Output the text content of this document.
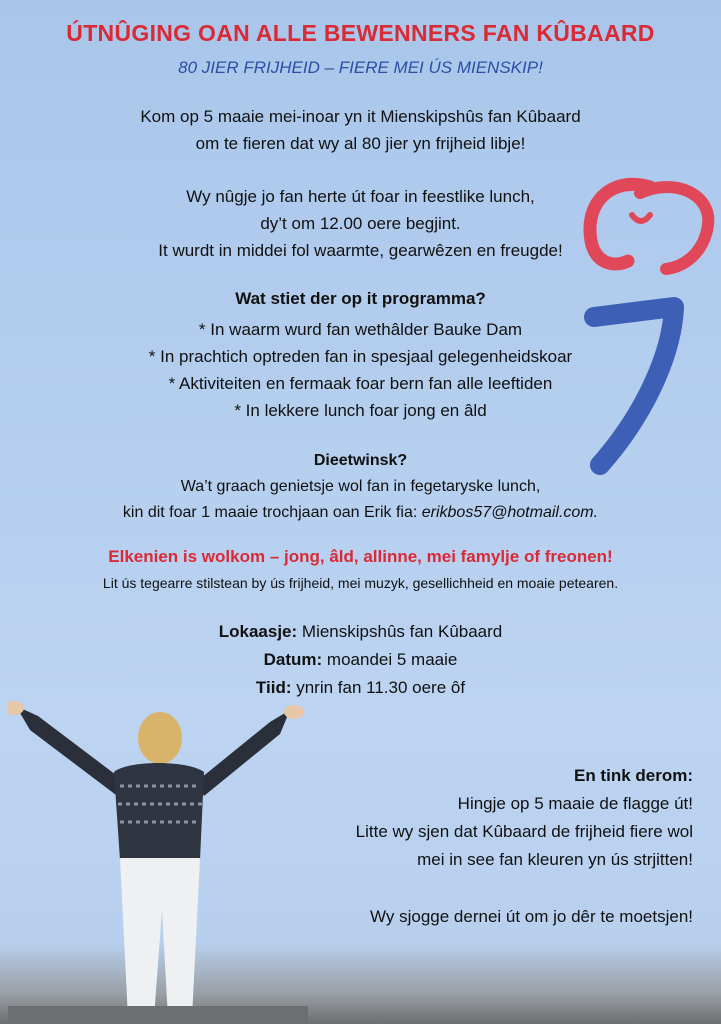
ÚTNÛGING OAN ALLE BEWENNERS FAN KÛBAARD
80 JIER FRIJHEID – FIERE MEI ÚS MIENSKIP!
Kom op 5 maaie mei-inoar yn it Mienskipshûs fan Kûbaard
om te fieren dat wy al 80 jier yn frijheid libje!
Wy nûgje jo fan herte út foar in feestlike lunch,
dy’t om 12.00 oere begjint.
It wurdt in middei fol waarmte, gearwêzen en freugde!
Wat stiet der op it programma?
* In waarm wurd fan wethâlder Bauke Dam
* In prachtich optreden fan in spesjaal gelegenheidskoar
* Aktiviteiten en fermaak foar bern fan alle leeftiden
* In lekkere lunch foar jong en âld
Dieetwinsk?
Wa’t graach genietsje wol fan in fegetaryske lunch,
kin dit foar 1 maaie trochjaan oan Erik fia: erikbos57@hotmail.com.
Elkenien is wolkom – jong, âld, allinne, mei famylje of freonen!
Lit ús tegearre stilstean by ús frijheid, mei muzyk, gesellichheid en moaie petearen.
Lokaasje: Mienskipshûs fan Kûbaard
Datum: moandei 5 maaie
Tiid: ynrin fan 11.30 oere ôf
En tink derom:
Hingje op 5 maaie de flagge út!
Litte wy sjen dat Kûbaard de frijheid fiere wol
mei in see fan kleuren yn ús strjitten!
Wy sjogge dernei út om jo dêr te moetsjen!
